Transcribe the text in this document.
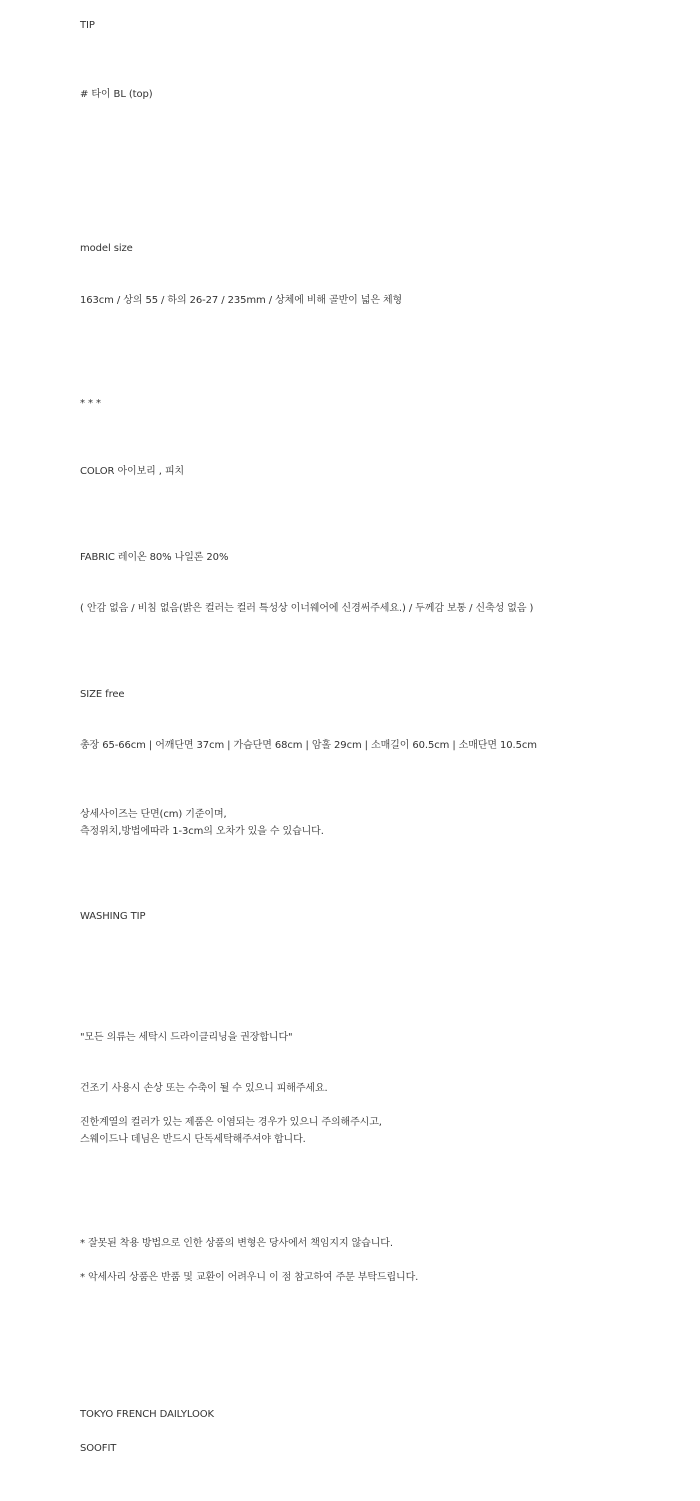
TIP
# 타이 BL (top)
model size
163cm / 상의 55 / 하의 26-27 / 235mm / 상체에 비해 골반이 넓은 체형
* * *
COLOR 아이보리 , 피치
FABRIC 레이온 80% 나일론 20%
( 안감 없음 / 비침 없음(밝은 컬러는 컬러 특성상 이너웨어에 신경써주세요.) / 두께감 보통 / 신축성 없음 )
SIZE free
총장 65-66cm | 어깨단면 37cm | 가슴단면 68cm | 암홀 29cm | 소매길이 60.5cm | 소매단면 10.5cm
상세사이즈는 단면(cm) 기준이며,
측정위치,방법에따라 1-3cm의 오차가 있을 수 있습니다.
WASHING TIP
"모든 의류는 세탁시 드라이클리닝을 권장합니다"
건조기 사용시 손상 또는 수축이 될 수 있으니 피해주세요.
진한계열의 컬러가 있는 제품은 이염되는 경우가 있으니 주의해주시고,
스웨이드나 데님은 반드시 단독세탁해주셔야 합니다.
* 잘못된 착용 방법으로 인한 상품의 변형은 당사에서 책임지지 않습니다.
* 악세사리 상품은 반품 및 교환이 어려우니 이 점 참고하여 주문 부탁드립니다.
TOKYO FRENCH DAILYLOOK
SOOFIT
